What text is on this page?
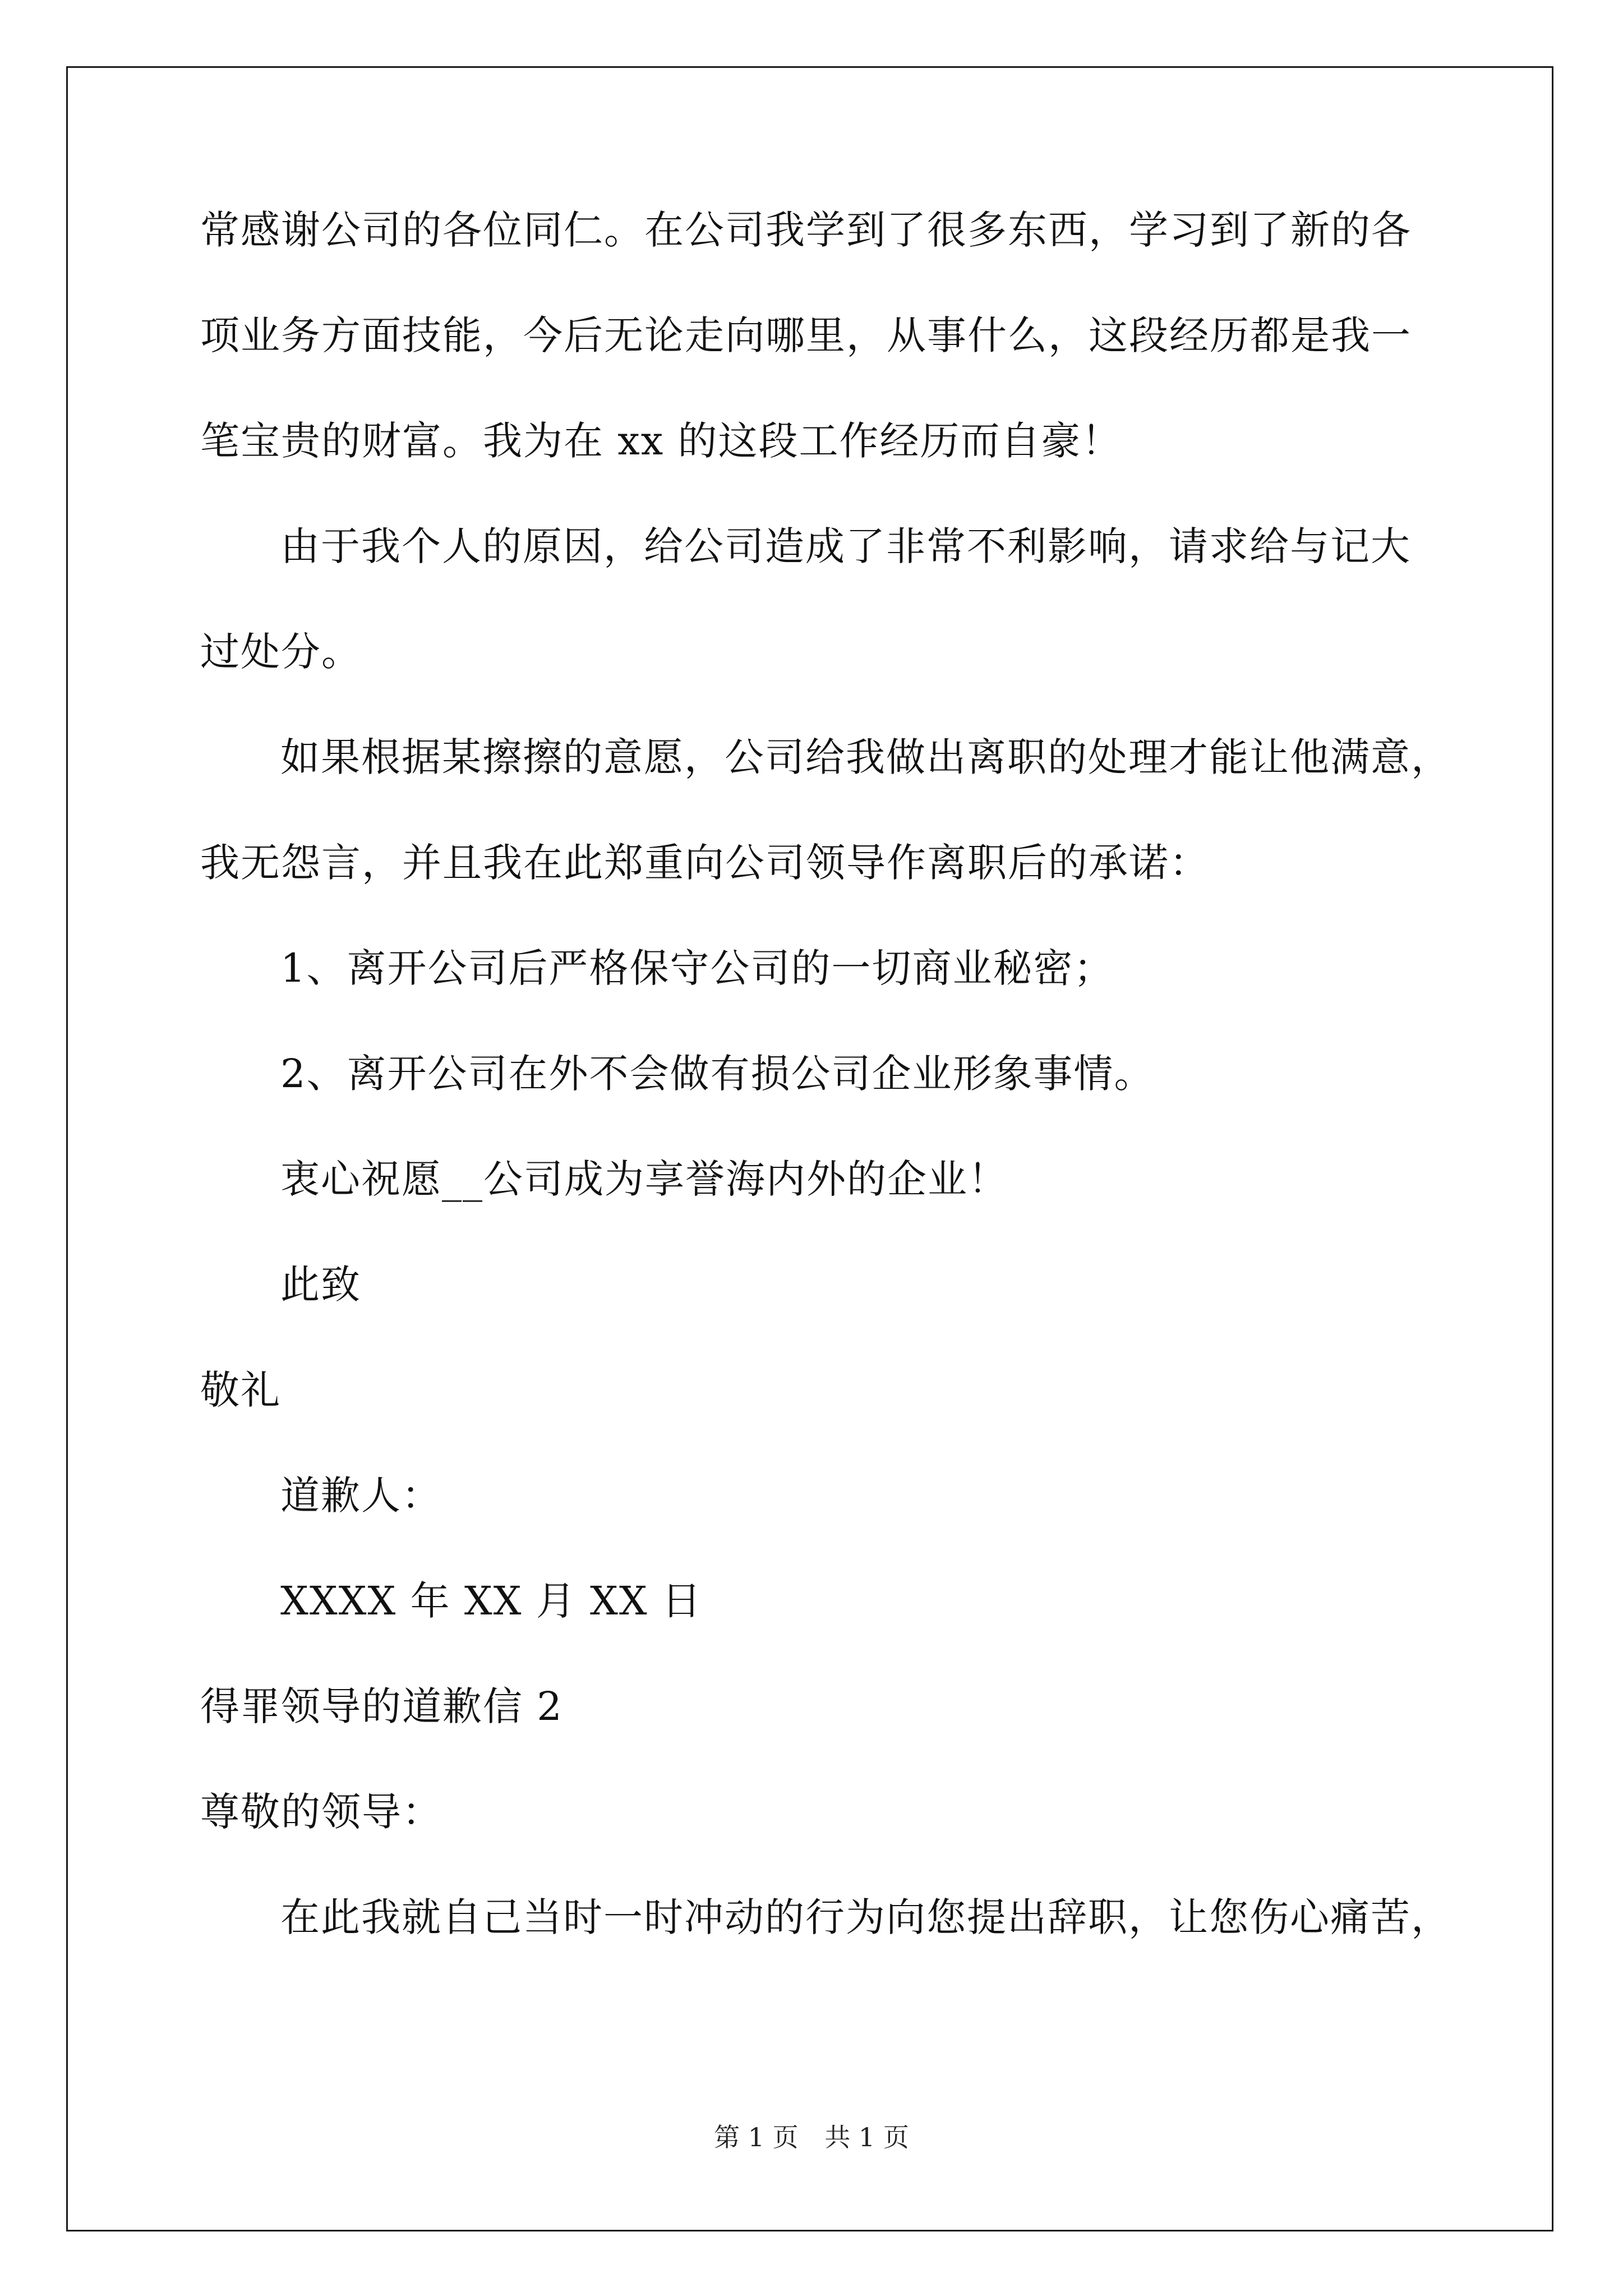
常感谢公司的各位同仁。在公司我学到了很多东西，学习到了新的各
项业务方面技能，今后无论走向哪里，从事什么，这段经历都是我一
笔宝贵的财富。我为在 xx 的这段工作经历而自豪！
由于我个人的原因，给公司造成了非常不利影响，请求给与记大
过处分。
如果根据某擦擦的意愿，公司给我做出离职的处理才能让他满意，
我无怨言，并且我在此郑重向公司领导作离职后的承诺：
1、离开公司后严格保守公司的一切商业秘密；
2、离开公司在外不会做有损公司企业形象事情。
衷心祝愿__公司成为享誉海内外的企业！
此致
敬礼
道歉人：
XXXX 年 XX 月 XX 日
得罪领导的道歉信 2
尊敬的领导：
在此我就自己当时一时冲动的行为向您提出辞职，让您伤心痛苦，
第 1 页 共 1 页
